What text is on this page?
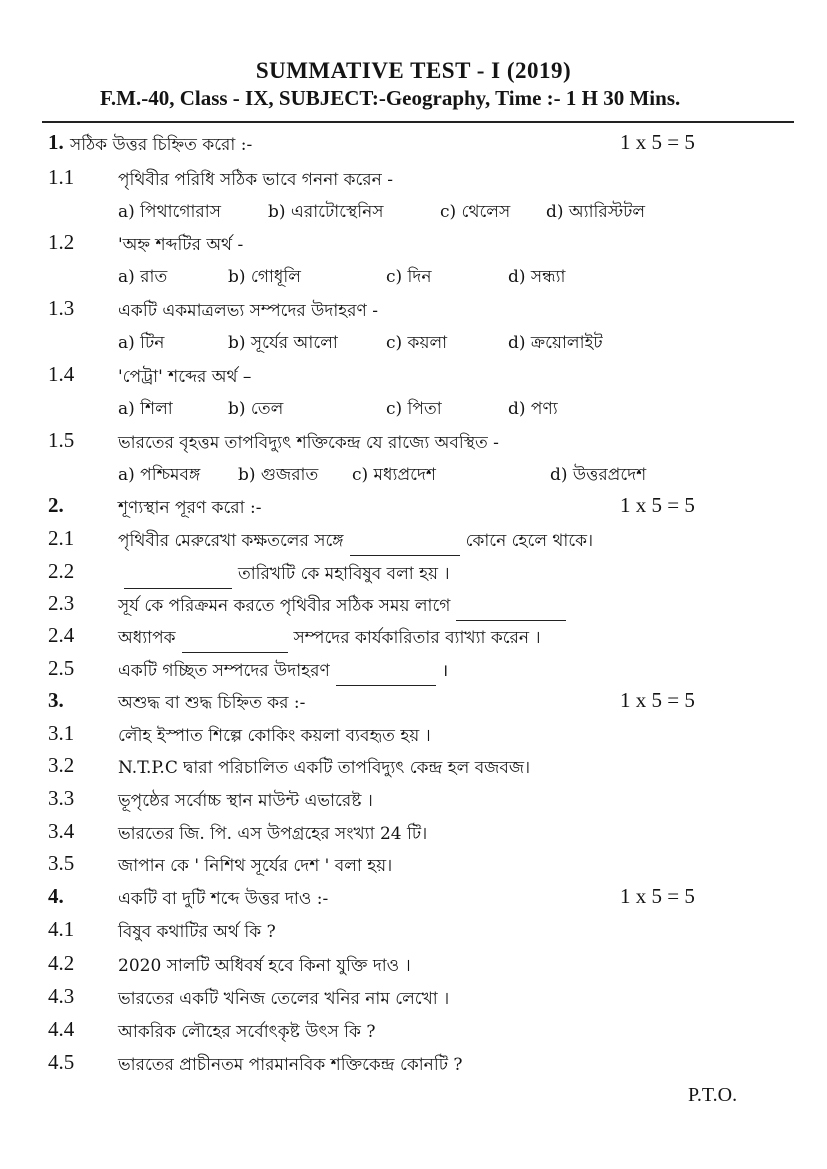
SUMMATIVE TEST - I (2019)
F.M.-40, Class - IX, SUBJECT:-Geography, Time :- 1 H 30 Mins.
1. সঠিক উত্তর চিহ্নিত করো :-	1 x 5 = 5
1.1	পৃথিবীর পরিধি সঠিক ভাবে গননা করেন -
a) পিথাগোরাস	b) এরাটোস্থেনিস	c) থেলেস d) অ্যারিস্টটল
1.2	'অহ্ন শব্দটির অর্থ -
a) রাত	b) গোধূলি	c) দিন	d) সন্ধ্যা
1.3	একটি একমাত্রলভ্য সম্পদের উদাহরণ -
a) টিন	b) সূর্যের আলো	c) কয়লা	d) ক্রয়োলাইট
1.4	'পেট্রা' শব্দের অর্থ –
a) শিলা	b) তেল	c) পিতা	d) পণ্য
1.5	ভারতের বৃহত্তম তাপবিদ্যুৎ শক্তিকেন্দ্র যে রাজ্যে অবস্থিত -
a) পশ্চিমবঙ্গ b) গুজরাত c) মধ্যপ্রদেশ	d) উত্তরপ্রদেশ
2.	শূণ্যস্থান পূরণ করো :-	1 x 5 = 5
2.1	পৃথিবীর মেরুরেখা কক্ষতলের সঙ্গে	কোনে হেলে থাকে।
2.2	তারিখটি কে মহাবিষুব বলা হয় ।
2.3	সূর্য কে পরিক্রমন করতে পৃথিবীর সঠিক সময় লাগে
2.4	অধ্যাপক	সম্পদের কার্যকারিতার ব্যাখ্যা করেন ।
2.5	একটি গচ্ছিত সম্পদের উদাহরণ	।
3.	অশুদ্ধ বা শুদ্ধ চিহ্নিত কর :-	1 x 5 = 5
3.1	লৌহ ইস্পাত শিল্পে কোকিং কয়লা ব্যবহৃত হয় ।
3.2	N.T.P.C দ্বারা পরিচালিত একটি তাপবিদ্যুৎ কেন্দ্র হল বজবজ।
3.3	ভূপৃষ্ঠের সর্বোচ্চ স্থান মাউন্ট এভারেষ্ট ।
3.4	ভারতের জি. পি. এস উপগ্রহের সংখ্যা 24 টি।
3.5	জাপান কে ' নিশিথ সূর্যের দেশ ' বলা হয়।
4.	একটি বা দুটি শব্দে উত্তর দাও :-	1 x 5 = 5
4.1	বিষুব কথাটির অর্থ কি ?
4.2	2020 সালটি অধিবর্ষ হবে কিনা যুক্তি দাও ।
4.3	ভারতের একটি খনিজ তেলের খনির নাম লেখো ।
4.4	আকরিক লৌহের সর্বোৎকৃষ্ট উৎস কি ?
4.5	ভারতের প্রাচীনতম পারমানবিক শক্তিকেন্দ্র কোনটি ?
P.T.O.
